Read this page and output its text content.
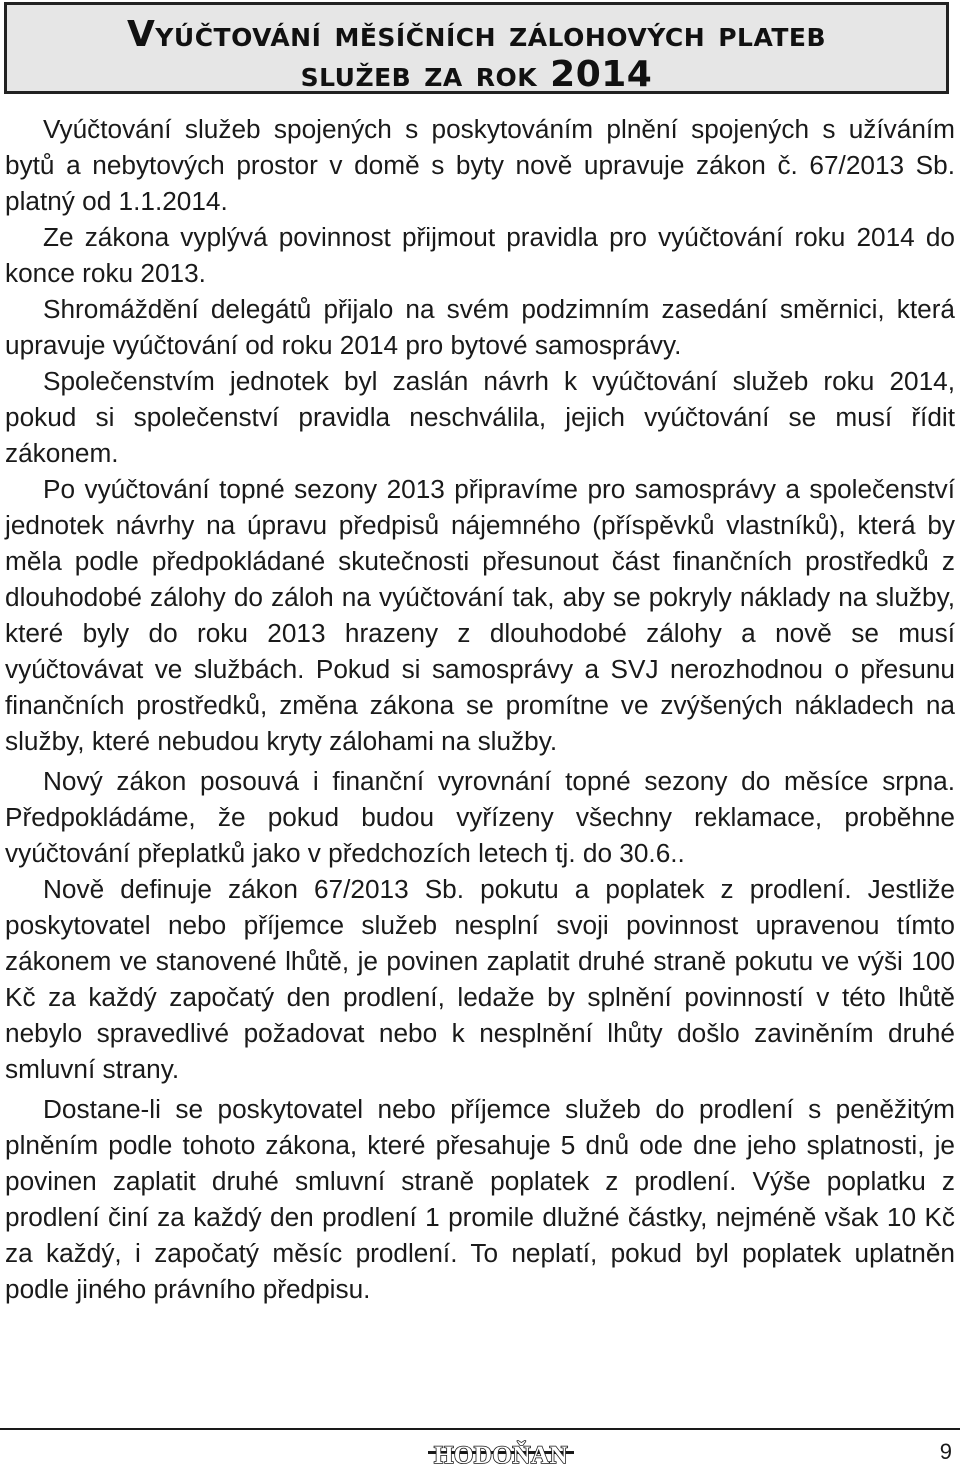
Vyúčtování měsíčních zálohových plateb
služeb za rok 2014

Vyúčtování služeb spojených s poskytováním plnění spojených s užíváním bytů a nebytových prostor v domě s byty nově upravuje zákon č. 67/2013 Sb. platný od 1.1.2014.

Ze zákona vyplývá povinnost přijmout pravidla pro vyúčtování roku 2014 do konce roku 2013.

Shromáždění delegátů přijalo na svém podzimním zasedání směrnici, která upravuje vyúčtování od roku 2014 pro bytové samosprávy.

Společenstvím jednotek byl zaslán návrh k vyúčtování služeb roku 2014, pokud si společenství pravidla neschválila, jejich vyúčtování se musí řídit zákonem.

Po vyúčtování topné sezony 2013 připravíme pro samosprávy a společenství jednotek návrhy na úpravu předpisů nájemného (příspěvků vlastníků), která by měla podle předpokládané skutečnosti přesunout část finančních prostředků z dlouhodobé zálohy do záloh na vyúčtování tak, aby se pokryly náklady na služby, které byly do roku 2013 hrazeny z dlouhodobé zálohy a nově se musí vyúčtovávat ve službách. Pokud si samosprávy a SVJ nerozhodnou o přesunu finančních prostředků, změna zákona se promítne ve zvýšených nákladech na služby, které nebudou kryty zálohami na služby.

Nový zákon posouvá i finanční vyrovnání topné sezony do měsíce srpna. Předpokládáme, že pokud budou vyřízeny všechny reklamace, proběhne vyúčtování přeplatků jako v předchozích letech tj. do 30.6..

Nově definuje zákon 67/2013 Sb. pokutu a poplatek z prodlení. Jestliže poskytovatel nebo příjemce služeb nesplní svoji povinnost upravenou tímto zákonem ve stanovené lhůtě, je povinen zaplatit druhé straně pokutu ve výši 100 Kč za každý započatý den prodlení, ledaže by splnění povinností v této lhůtě nebylo spravedlivé požadovat nebo k nesplnění lhůty došlo zaviněním druhé smluvní strany.

Dostane-li se poskytovatel nebo příjemce služeb do prodlení s peněžitým plněním podle tohoto zákona, které přesahuje 5 dnů ode dne jeho splatnosti, je povinen zaplatit druhé smluvní straně poplatek z prodlení. Výše poplatku z prodlení činí za každý den prodlení 1 promile dlužné částky, nejméně však 10 Kč za každý, i započatý měsíc prodlení. To neplatí, pokud byl poplatek uplatněn podle jiného právního předpisu.

HODOŇAN	9
